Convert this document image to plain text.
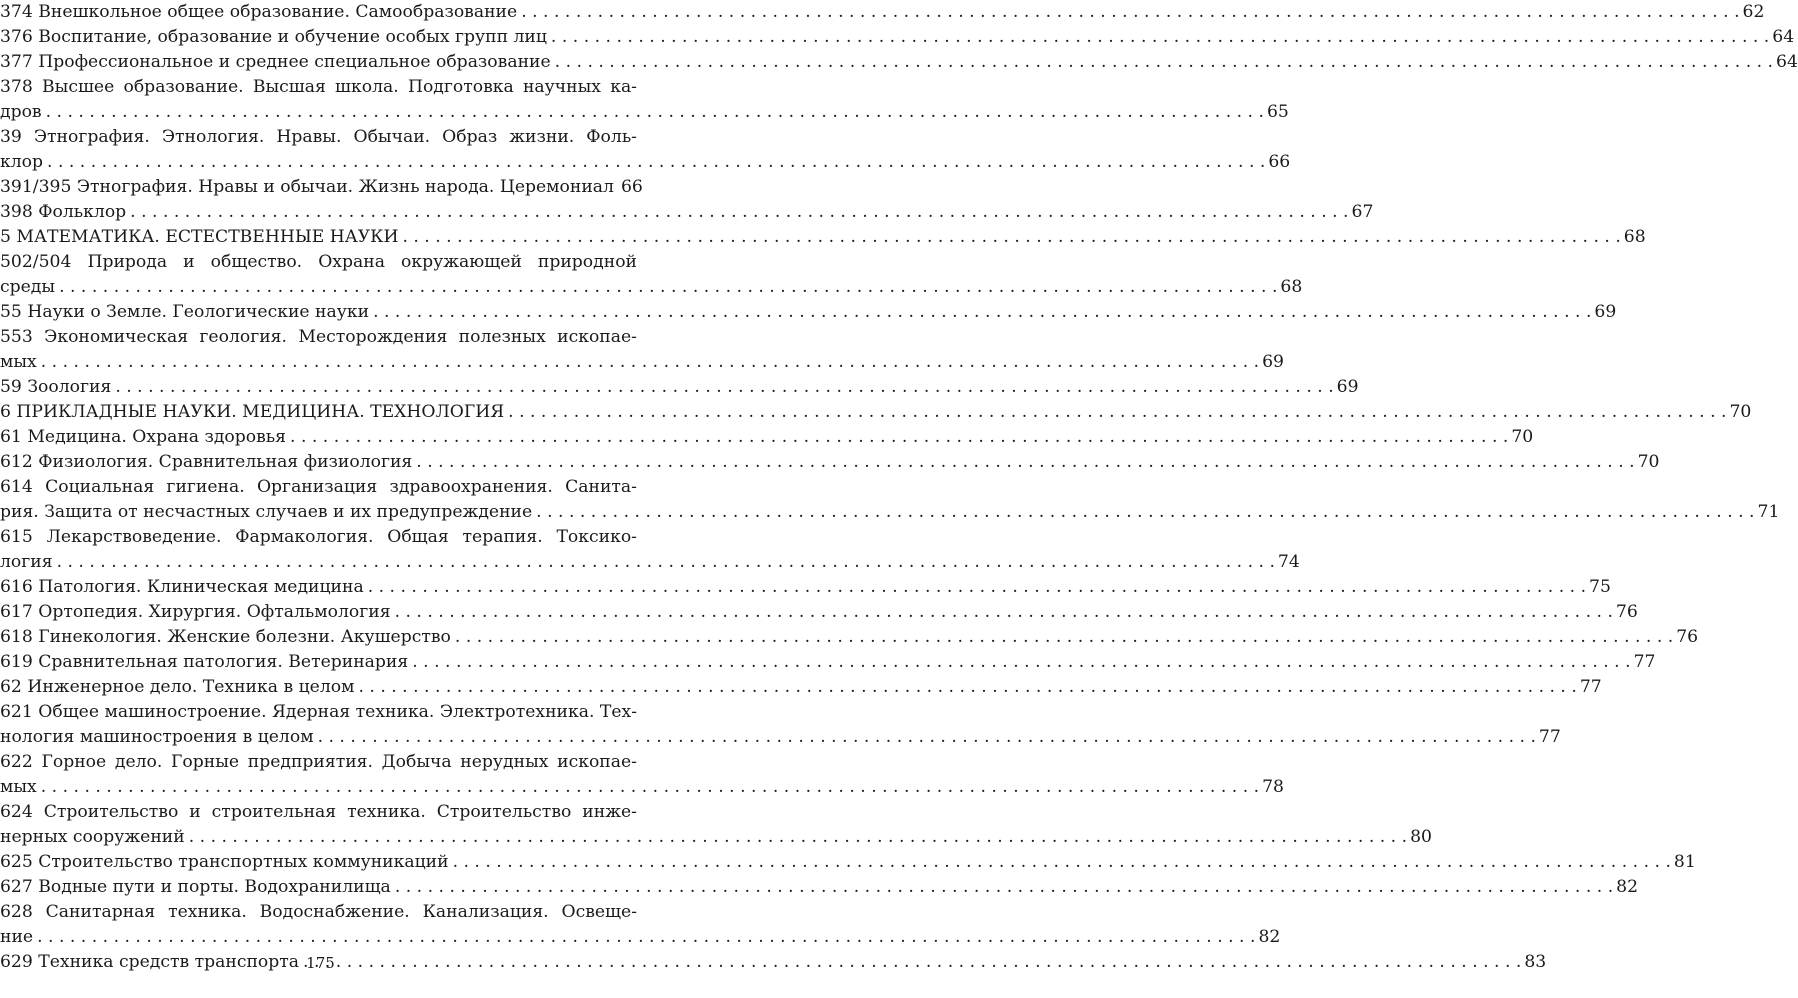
374 Внешкольное общее образование. Самообразование . . .	62
376 Воспитание, образование и обучение особых групп лиц . . .	64
377 Профессиональное и среднее специальное образование . . .	64
378 Высшее образование. Высшая школа. Подготовка научных ка-
дров . . .	65
39 Этнография. Этнология. Нравы. Обычаи. Образ жизни. Фоль-
клор . . .	66
391/395 Этнография. Нравы и обычаи. Жизнь народа. Церемониал 66
398 Фольклор . . .	67
5 МАТЕМАТИКА. ЕСТЕСТВЕННЫЕ НАУКИ . . .	68
502/504 Природа и общество. Охрана окружающей природной
среды . . .	68
55 Науки о Земле. Геологические науки . . .	69
553 Экономическая геология. Месторождения полезных ископае-
мых . . .	69
59 Зоология . . .	69
6 ПРИКЛАДНЫЕ НАУКИ. МЕДИЦИНА. ТЕХНОЛОГИЯ . . .	70
61 Медицина. Охрана здоровья . . .	70
612 Физиология. Сравнительная физиология . . .	70
614 Социальная гигиена. Организация здравоохранения. Санита-
рия. Защита от несчастных случаев и их предупреждение . . .	71
615 Лекарствоведение. Фармакология. Общая терапия. Токсико-
логия . . .	74
616 Патология. Клиническая медицина . . .	75
617 Ортопедия. Хирургия. Офтальмология . . .	76
618 Гинекология. Женские болезни. Акушерство . . .	76
619 Сравнительная патология. Ветеринария . . .	77
62 Инженерное дело. Техника в целом . . .	77
621 Общее машиностроение. Ядерная техника. Электротехника. Тех-
нология машиностроения в целом . . .	77
622 Горное дело. Горные предприятия. Добыча нерудных ископае-
мых . . .	78
624 Строительство и строительная техника. Строительство инже-
нерных сооружений . . .	80
625 Строительство транспортных коммуникаций . . .	81
627 Водные пути и порты. Водохранилища . . .	82
628 Санитарная техника. Водоснабжение. Канализация. Освеще-
ние . . .	82
629 Техника средств транспорта . . .	83
175
